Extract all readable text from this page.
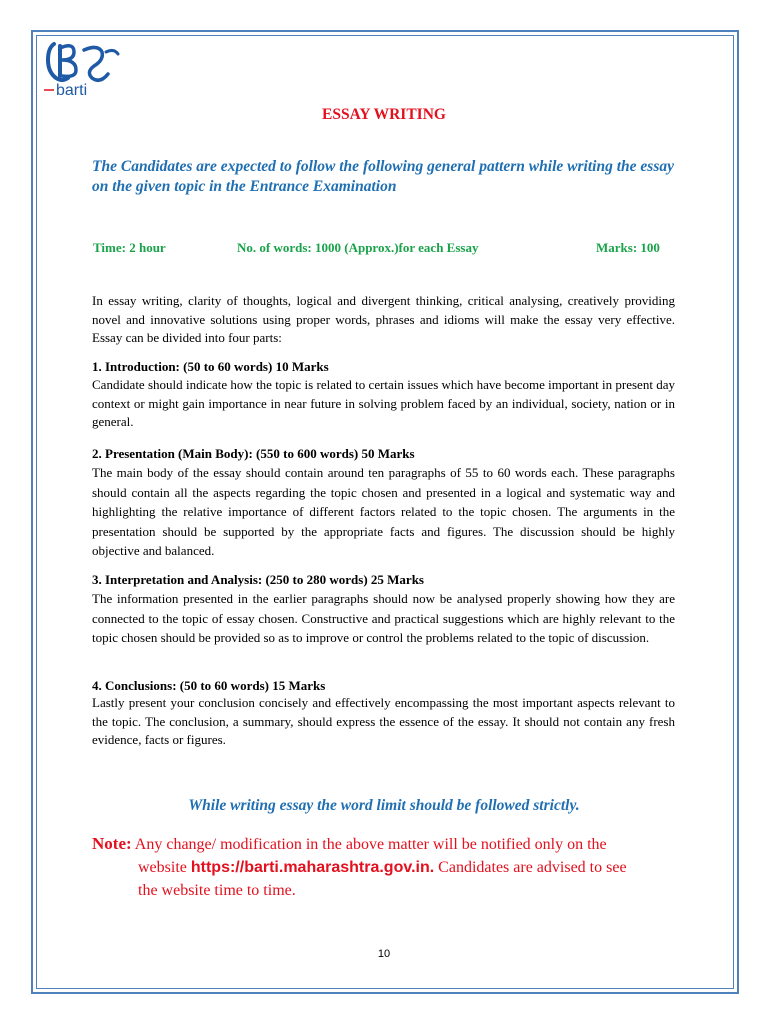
barti
ESSAY WRITING
The Candidates are expected to follow the following general pattern while writing the essay on the given topic in the Entrance Examination
Time: 2 hour	No. of words: 1000 (Approx.)for each Essay	Marks: 100
In essay writing, clarity of thoughts, logical and divergent thinking, critical analysing, creatively providing novel and innovative solutions using proper words, phrases and idioms will make the essay very effective. Essay can be divided into four parts:
1. Introduction: (50 to 60 words) 10 Marks
Candidate should indicate how the topic is related to certain issues which have become important in present day context or might gain importance in near future in solving problem faced by an individual, society, nation or in general.
2. Presentation (Main Body): (550 to 600 words) 50 Marks
The main body of the essay should contain around ten paragraphs of 55 to 60 words each. These paragraphs should contain all the aspects regarding the topic chosen and presented in a logical and systematic way and highlighting the relative importance of different factors related to the topic chosen. The arguments in the presentation should be supported by the appropriate facts and figures. The discussion should be highly objective and balanced.
3. Interpretation and Analysis: (250 to 280 words) 25 Marks
The information presented in the earlier paragraphs should now be analysed properly showing how they are connected to the topic of essay chosen. Constructive and practical suggestions which are highly relevant to the topic chosen should be provided so as to improve or control the problems related to the topic of discussion.
4. Conclusions: (50 to 60 words) 15 Marks
Lastly present your conclusion concisely and effectively encompassing the most important aspects relevant to the topic. The conclusion, a summary, should express the essence of the essay. It should not contain any fresh evidence, facts or figures.
While writing essay the word limit should be followed strictly.
Note: Any change/ modification in the above matter will be notified only on the
website https://barti.maharashtra.gov.in. Candidates are advised to see
the website time to time.
10
